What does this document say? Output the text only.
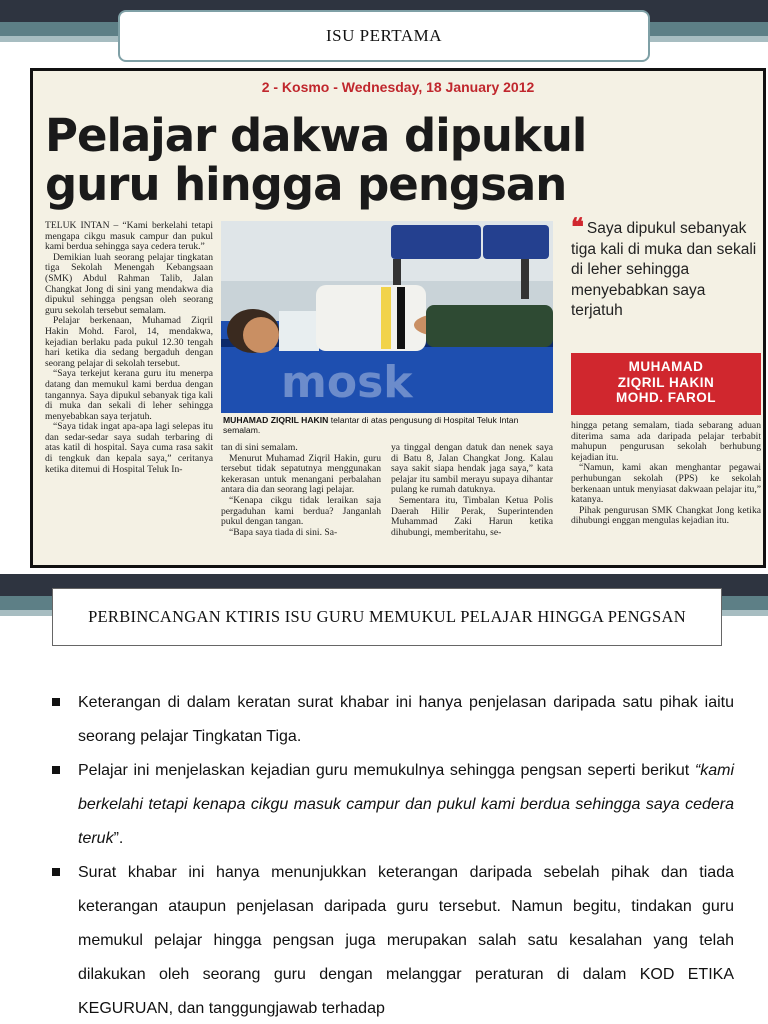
ISU PERTAMA
2 - Kosmo - Wednesday, 18 January 2012
Pelajar dakwa dipukul
guru hingga pengsan

TELUK INTAN – “Kami berkelahi tetapi mengapa cikgu masuk campur dan pukul kami berdua sehingga saya cedera teruk.”

Demikian luah seorang pelajar tingkatan tiga Sekolah Menengah Kebangsaan (SMK) Abdul Rahman Talib, Jalan Changkat Jong di sini yang mendakwa dia dipukul sehingga pengsan oleh seorang guru sekolah tersebut semalam.

Pelajar berkenaan, Muhamad Ziqril Hakin Mohd. Farol, 14, mendakwa, kejadian berlaku pada pukul 12.30 tengah hari ketika dia sedang bergaduh dengan seorang pelajar di sekolah tersebut.

“Saya terkejut kerana guru itu menerpa datang dan memukul kami berdua dengan tangannya. Saya dipukul sebanyak tiga kali di muka dan sekali di leher sehingga menyebabkan saya terjatuh.

“Saya tidak ingat apa-apa lagi selepas itu dan sedar-sedar saya sudah terbaring di atas katil di hospital. Saya cuma rasa sakit di tengkuk dan kepala saya,” ceritanya ketika ditemui di Hospital Teluk In-

mosk
MUHAMAD ZIQRIL HAKIN telantar di atas pengusung di Hospital Teluk Intan semalam.

tan di sini semalam.

Menurut Muhamad Ziqril Hakin, guru tersebut tidak sepatutnya menggunakan kekerasan untuk menangani perbalahan antara dia dan seorang lagi pelajar.

“Kenapa cikgu tidak leraikan saja pergaduhan kami berdua? Janganlah pukul dengan tangan.

“Bapa saya tiada di sini. Sa-

ya tinggal dengan datuk dan nenek saya di Batu 8, Jalan Changkat Jong. Kalau saya sakit siapa hendak jaga saya,” kata pelajar itu sambil merayu supaya dihantar pulang ke rumah datuknya.

Sementara itu, Timbalan Ketua Polis Daerah Hilir Perak, Superintenden Muhammad Zaki Harun ketika dihubungi, memberitahu, se-

❝ Saya dipukul sebanyak tiga kali di muka dan sekali di leher sehingga menyebabkan saya terjatuh
MUHAMAD
ZIQRIL HAKIN
MOHD. FAROL

hingga petang semalam, tiada sebarang aduan diterima sama ada daripada pelajar terbabit mahupun pengurusan sekolah berhubung kejadian itu.

“Namun, kami akan menghantar pegawai perhubungan sekolah (PPS) ke sekolah berkenaan untuk menyiasat dakwaan pelajar itu,” katanya.

Pihak pengurusan SMK Changkat Jong ketika dihubungi enggan mengulas kejadian itu.

PERBINCANGAN KTIRIS ISU GURU MEMUKUL PELAJAR HINGGA PENGSAN
Keterangan di dalam keratan surat khabar ini hanya penjelasan daripada satu pihak iaitu seorang pelajar Tingkatan Tiga.
Pelajar ini menjelaskan kejadian guru memukulnya sehingga pengsan seperti berikut “kami berkelahi tetapi kenapa cikgu masuk campur dan pukul kami berdua sehingga saya cedera teruk”.
Surat khabar ini hanya menunjukkan keterangan daripada sebelah pihak dan tiada keterangan ataupun penjelasan daripada guru tersebut. Namun begitu, tindakan guru memukul pelajar hingga pengsan juga merupakan salah satu kesalahan yang telah dilakukan oleh seorang guru dengan melanggar peraturan di dalam KOD ETIKA KEGURUAN, dan tanggungjawab terhadap
